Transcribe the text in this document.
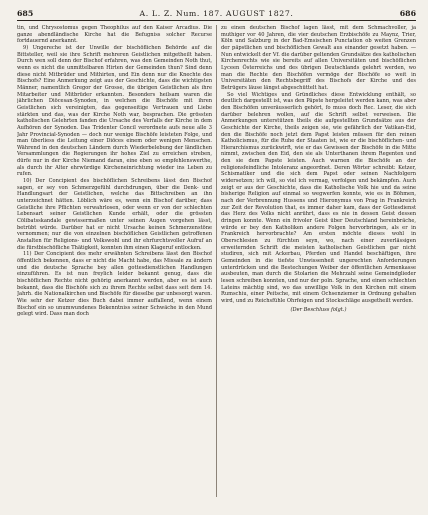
685	A. L. Z. Num. 187. AUGUST 1827.	686

tin, und Chrysostomus gegen Theophilus auf den Kaiser Arcadius. Die ganze abendländische Kirche hat die Befugniss solcher Recurse fortdauernd anerkannt.

9) Ungereche ist der Unwille der bischöflichen Behörde auf die Bittsteller, weil sie ihre Schrift mehreren Geistlichen mitgetheilt haben. Durch wen soll denn der Bischof erfahren, was den Gemeinden Noth thut, wenn es nicht die unmittelbaren Hirten der Gemeinden thun? Sind denn diese nicht Mitbrüder und Mithirten, und Ein denn nur die Knechte des Bischofs? Eine Anmerkung zeigt aus der Geschichte, dass die wichtigsten Männer, namentlich Gregor der Grosse, die übrigen Geistlichen als ihre Mitarbeiter und Mitbrüder erkannten. Besonders heilsam waren die jährlichen Diöcesan-Synoden, in welchen die Bischöfe mit ihren Geistlichen sich vereinigten, das gegenseitige Vertrauen und Liebe stärkten und das, was der Kirche Noth war, besprachen. Die grössten katholischen Gelehrten fanden die Ursache des Verfalls der Kirche in dem Aufhören der Synoden. Das Tridenter Concil verordnete aufs neue alle 3 Jahr Provincial-Synoden — doch nur wenige Bischöfe leisteten Folge, und man überliess die Leitung einer Diöces einem oder wenigen Menschen. Während in den deutschen Ländern durch Wiederbelebung der ländlichen Versammlungen die Regierungen ihr hohes Ziel zu erreichen streben, dürfe nur in der Kirche Niemand daran, eine eben so empfehlenswerthe, als durch ihr Alter ehrwürdige Kircheneinrichtung wieder ins Leben zu rufen.

10) Der Concipient des bischöflichen Schreibens lässt den Bischof sagen, er sey von Schmerzgefühl durchdrungen, über die Denk- und Handlungsart der Geistlichen, welche das Bittschreiben an ihn unterzeichnet hätten. Löblich wäre es, wenn ein Bischof darüber, dass Geistliche ihre Pflichten verwahrlosen, oder wenn er von der schlechten Lebensart seiner Geistlichen Kunde erhält, oder die grössten Cölibatsskandale gewissermaßen unter seinen Augen vorgehen lässt, betrübt würde. Darüber hat er nicht Ursache keinen Schmerzenstöne vernommen; nur die von einzelnen bischöflichen Geistlichen getroffenen Anstalten für Religions- und Volkswohl und ihr ehrfurchtsvoller Aufruf an die fürstbischöfliche Thätigkeit, konnten ihm einen Klageruf entlocken.

11) Der Concipient des mehr erwähnten Schreibens lässt den Bischof öffentlich bekennen, dass er nicht die Macht habe, das Missale zu ändern und die deutsche Sprache bey allen gottesdienstlichen Handlungen einzuführen. Es ist nun freylich leider bekannt genug, dass die bischöflichen Rechte nicht gehörig anerkannt werden, aber es ist auch bekannt, dass die Bischöfe sich zu ihrem Rechte selbst dass seit dem 14. Jahrh. die Nationalkirchen und Bischöfe für dieselbe gar unbesorgt waren. Wie sehr der Ketzer dies Buch dabei immer auffallend, wenn einem Bischof ein so unumwundenes Bekenntniss seiner Schwäche in den Mund gelegt wird. Dass man doch

zu einen deutschen Bischof lagen lässt, mit dem Schmachvoller, ja muthiger vor 40 Jahren, die vier deutschen Erzbischöfe zu Maynz, Trier, Köln und Salzburg in der Bad-Emsischen Punctation ob weiten Grenzen der päpstlichen und bischöflichen Gewalt aus einander gesetzt haben. — Nun entwickelt der Vf. die darüber geltenden Grundsätze des katholischen Kirchenrechts wie sie bereits auf allen Universitäten und bischöflichen Lyceen Österreichs und des übrigen Deutschlands gelehrt werden, wo man die Rechte den Bischöfen vermöge der Bischöfe so weit in Universitäten den Rechtsbegriff des Bischofs der Kirche und des Betrügers läuse längst abgeschüttelt hat.

So viel Wichtiges und Gründliches diese Entwicklung enthält, so deutlich dargestellt ist, was den Päpste hergeleitet werden kann, was aber den Bischöfen unveräusserlich gehört, fo muss doch Rec. Leser, die sich darüber belehren wollen, auf die Schrift selbst verweisen. Die Anmerkungen unterstützen theils die aufgestellten Grundsätze aus der Geschichte der Kirche, theils zeigen sie, wie gefährlich der Vatikan-Eid, den die Bischöfe noch jetzt dem Papst leisten müssen für den reinen Katholicismus, für die Ruhe der Staaten ist, wie er die bischöflichen- und Hierarchismus zurückwirft, wie er das Gewissen der Bischöfe in die Mitte nimmt, zwischen den Eid, den sie als Unterthanen ihrem Regenten und den sie dem Papste leisten. Auch warnen die Bischöfe an der religionsfeindliche Intoleranz angeordnet. Deren Wörter schreibt: Ketzer, Schismatiker und die sich dem Papst oder seinen Nachfolgern widersetzen; ich will, so viel ich vermag, verfolgen und bekämpfen. Auch zeigt er aus der Geschichte, dass die Katholische Volk hie und da seine bisherige Religion auf einmal so wegwerfen konnte, wie es in Böhmen, nach der Verbrennung Hussens und Hieronymus von Prag in Frankreich zur Zeit der Revolution that, es immer daher kam, dass der Gottesdienst das Herz des Volks nicht anrührt, dass es nie in dessen Geist dessen dringen konnte. Wenn ein frivoler Geist über Deutschland hereinbräche, würde er bey den Katholiken andere Folgen hervorbringen, als er in Frankreich hervorbrachte? Am ersten möchte dieses wohl in Oberschlesien zu fürchten seyn, wo, nach einer zuverlässigen erweiternden Schrift die meisten katholischen Geistlichen gar nicht studiren, sich mit Ackerbau, Pferden und Handel beschäftigen, ihre Gemeinden in die tiefste Unwissenheit ungerechten Anforderungen unterdrücken und die Bestechungen Weiber der öffentlichen Armenkasse ausbeuten, man durch die Stolarien die Mehrzahl seine Gemeindglieder lesen schreiben konnten, und nur der poln. Sprache, und einen schlechten Lateins mächtig sind, wo das unwillige Volk in den Kirchen mit einem Rumschiu, einer Peitsche, mit einem Ochsenziemer in Ordnung gehalten wird, und zu Reichsfühle Ohrfeigen und Stockschläge ausgetheilt werden.

(Der Beschluss folgt.)
